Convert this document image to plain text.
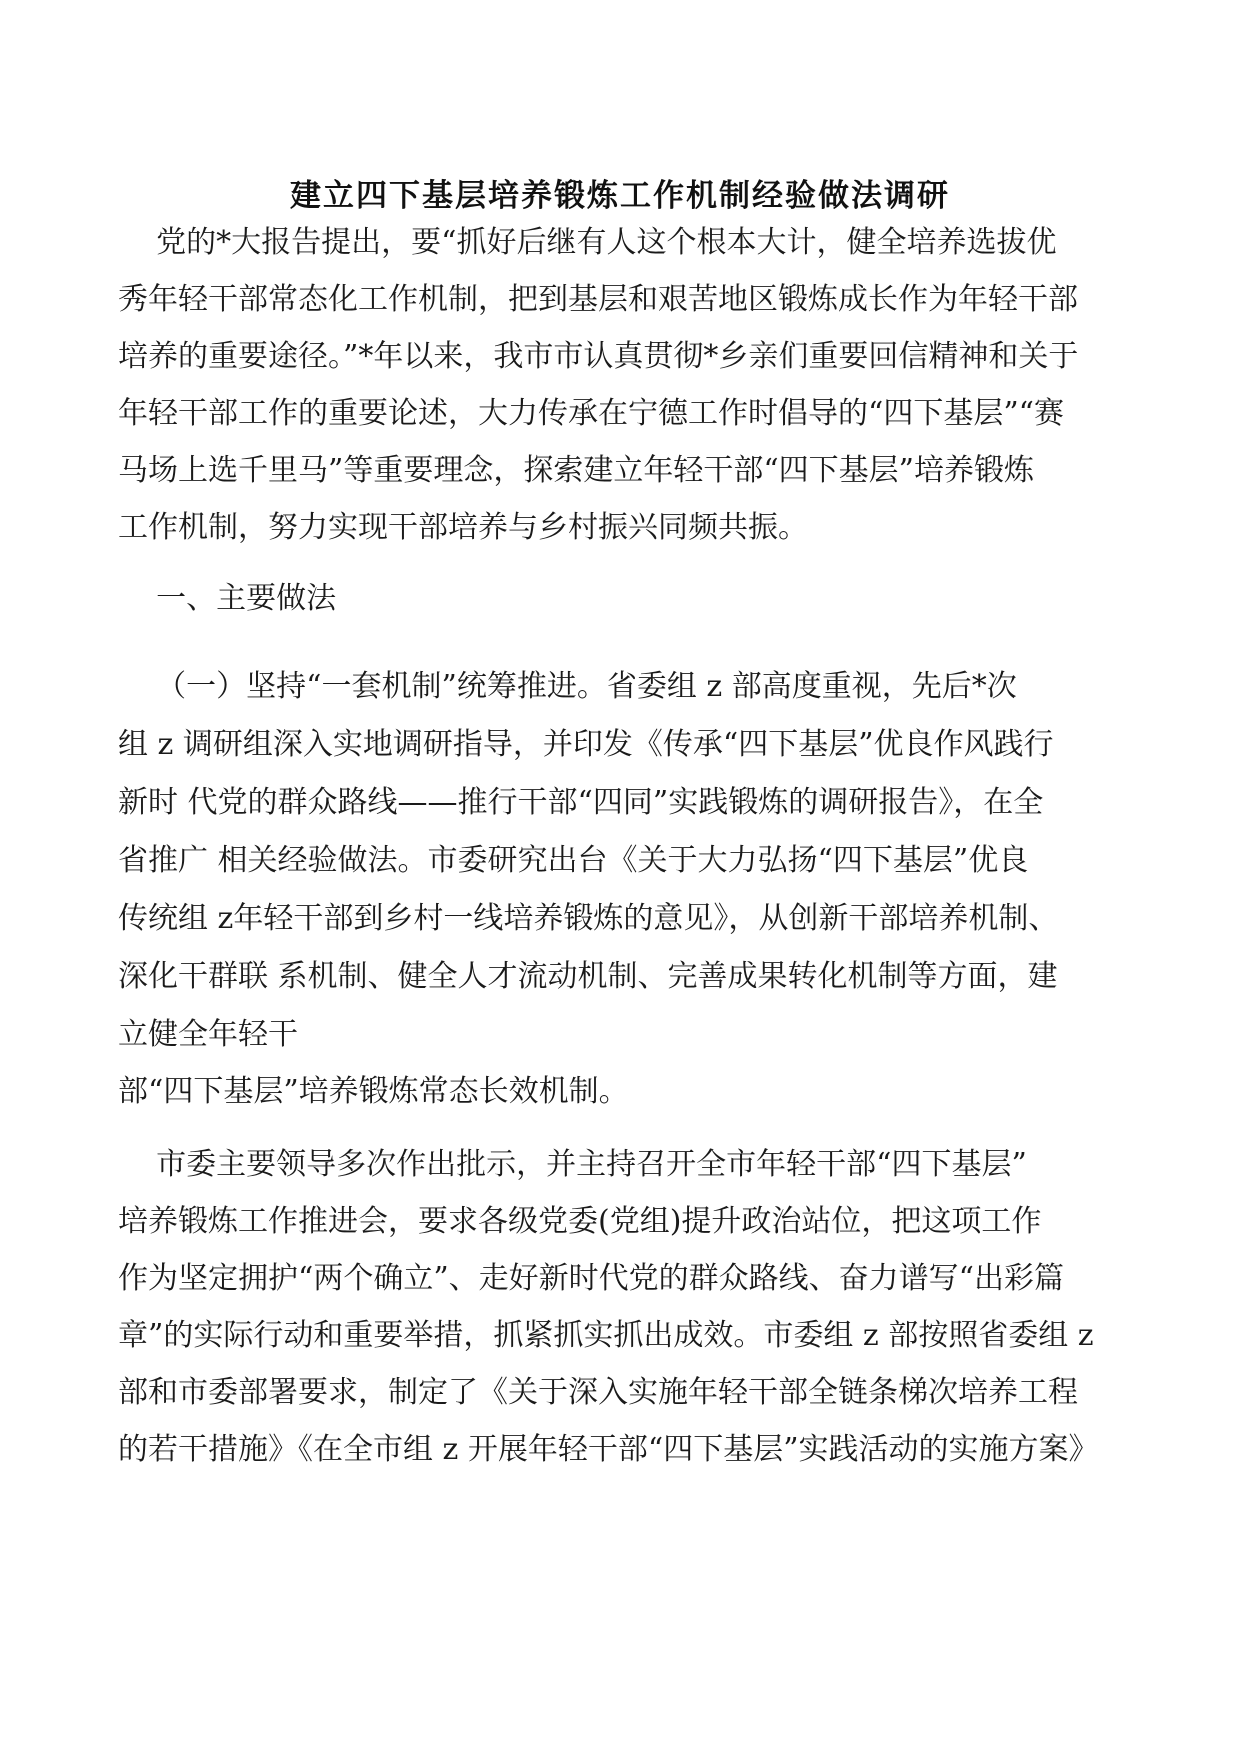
建立四下基层培养锻炼工作机制经验做法调研
党的*大报告提出，要“抓好后继有人这个根本大计，健全培养选拔优
秀年轻干部常态化工作机制，把到基层和艰苦地区锻炼成长作为年轻干部
培养的重要途径。”*年以来，我市市认真贯彻*乡亲们重要回信精神和关于
年轻干部工作的重要论述，大力传承在宁德工作时倡导的“四下基层”“赛
马场上选千里马”等重要理念，探索建立年轻干部“四下基层”培养锻炼
工作机制，努力实现干部培养与乡村振兴同频共振。
一、主要做法
（一）坚持“一套机制”统筹推进。省委组 z 部高度重视，先后*次
组 z 调研组深入实地调研指导，并印发《传承“四下基层”优良作风践行
新时 代党的群众路线——推行干部“四同”实践锻炼的调研报告》，在全
省推广 相关经验做法。市委研究出台《关于大力弘扬“四下基层”优良
传统组 z年轻干部到乡村一线培养锻炼的意见》，从创新干部培养机制、
深化干群联 系机制、健全人才流动机制、完善成果转化机制等方面，建
立健全年轻干
部“四下基层”培养锻炼常态长效机制。
市委主要领导多次作出批示，并主持召开全市年轻干部“四下基层”
培养锻炼工作推进会，要求各级党委(党组)提升政治站位，把这项工作
作为坚定拥护“两个确立”、走好新时代党的群众路线、奋力谱写“出彩篇
章”的实际行动和重要举措，抓紧抓实抓出成效。市委组 z 部按照省委组 z
部和市委部署要求，制定了《关于深入实施年轻干部全链条梯次培养工程
的若干措施》《在全市组 z 开展年轻干部“四下基层”实践活动的实施方案》
